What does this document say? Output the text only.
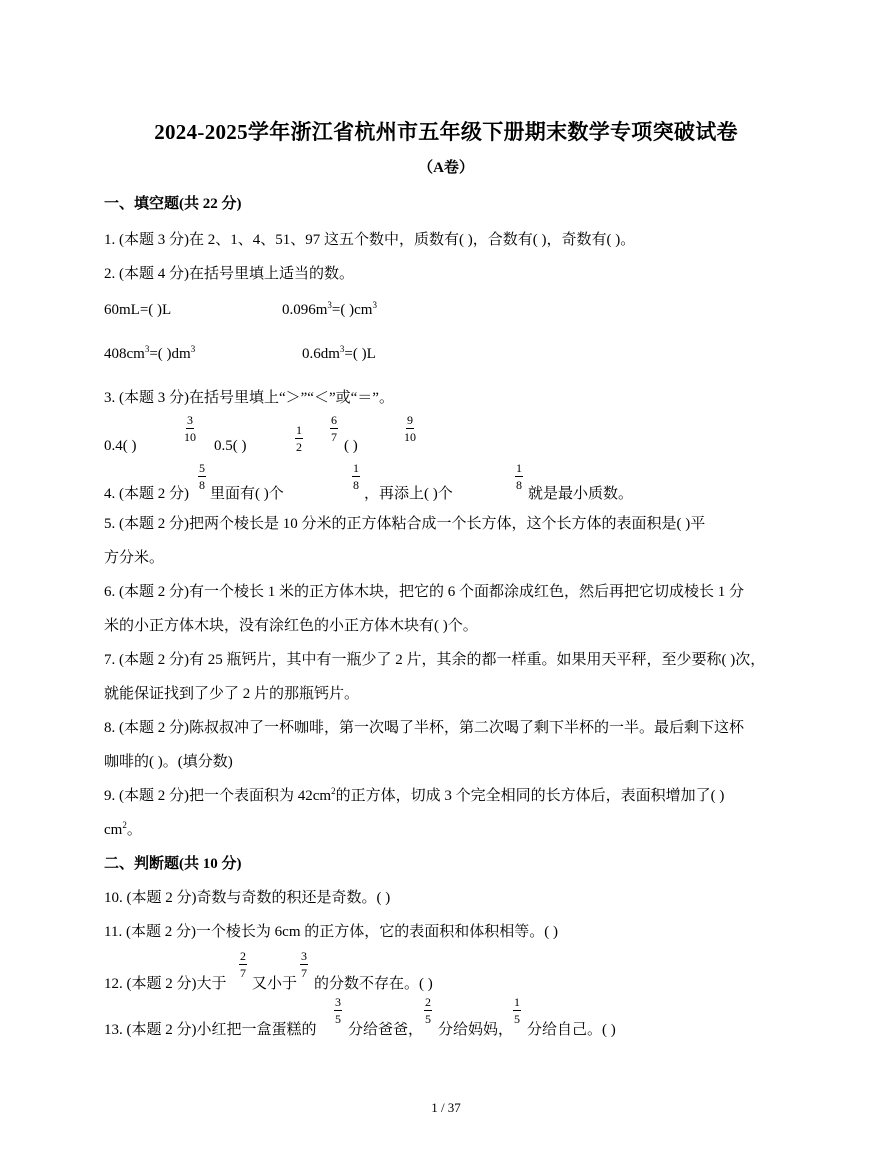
2024-2025学年浙江省杭州市五年级下册期末数学专项突破试卷
（A卷）
一、填空题(共 22 分)
1. (本题 3 分)在 2、1、4、51、97 这五个数中，质数有( )，合数有( )，奇数有( )。
2. (本题 4 分)在括号里填上适当的数。
60mL=( )L	$0.096m^3=$( )$cm^3$
$408cm^3=$( )$dm^3$	$0.6dm^3=$( )L
3. (本题 3 分)在括号里填上“＞”“＜”或“＝”。
0.4( )
$\frac{3}{10}$
0.5( )	$\frac{1}{2} \frac{6}{7}$
( )
$\frac{9}{10}$
4. (本题 2 分)
$\frac{5}{8}$
里面有( )个
$\frac{1}{8}$
，再添上( )个
$\frac{1}{8}$
就是最小质数。
5. (本题 2 分)把两个棱长是 10 分米的正方体粘合成一个长方体，这个长方体的表面积是( )平
方分米。
6. (本题 2 分)有一个棱长 1 米的正方体木块，把它的 6 个面都涂成红色，然后再把它切成棱长 1 分
米的小正方体木块，没有涂红色的小正方体木块有( )个。
7. (本题 2 分)有 25 瓶钙片，其中有一瓶少了 2 片，其余的都一样重。如果用天平秤，至少要称( )次，
就能保证找到了少了 2 片的那瓶钙片。
8. (本题 2 分)陈叔叔冲了一杯咖啡，第一次喝了半杯，第二次喝了剩下半杯的一半。最后剩下这杯
咖啡的( )。(填分数)
9. (本题 2 分)把一个表面积为 $42cm^2$的正方体，切成 3 个完全相同的长方体后，表面积增加了( )
$cm^2$。
二、判断题(共 10 分)
10. (本题 2 分)奇数与奇数的积还是奇数。( )
11. (本题 2 分)一个棱长为 6cm 的正方体，它的表面积和体积相等。( )
12. (本题 2 分)大于
$\frac{2}{7}$
又小于
$\frac{3}{7}$
的分数不存在。( )
13. (本题 2 分)小红把一盒蛋糕的
$\frac{3}{5}$
分给爸爸，
$\frac{2}{5}$
分给妈妈，
$\frac{1}{5}$
分给自己。( )
1 / 37
